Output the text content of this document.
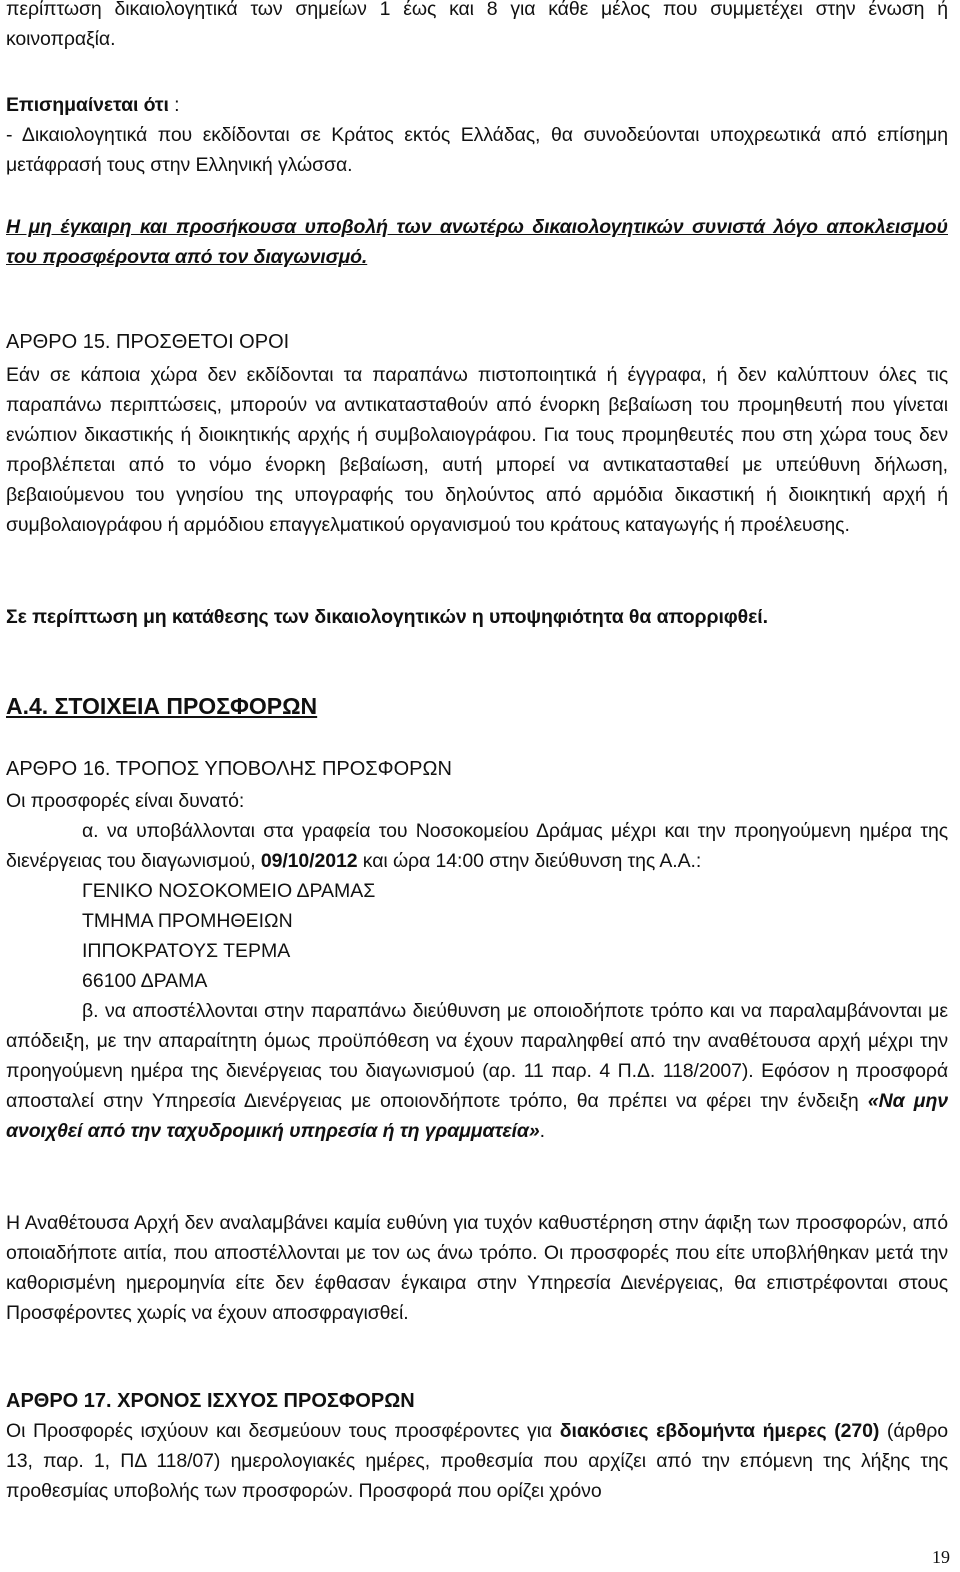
περίπτωση δικαιολογητικά των σημείων 1 έως και 8 για κάθε μέλος που συμμετέχει στην ένωση ή κοινοπραξία.

Επισημαίνεται ότι :
- Δικαιολογητικά που εκδίδονται σε Κράτος εκτός Ελλάδας, θα συνοδεύονται υποχρεωτικά από επίσημη μετάφρασή τους στην Ελληνική γλώσσα.

Η μη έγκαιρη και προσήκουσα υποβολή των ανωτέρω δικαιολογητικών συνιστά λόγο αποκλεισμού του προσφέροντα από τον διαγωνισμό.

ΑΡΘΡΟ 15. ΠΡΟΣΘΕΤΟΙ ΟΡΟΙ

Εάν σε κάποια χώρα δεν εκδίδονται τα παραπάνω πιστοποιητικά ή έγγραφα, ή δεν καλύπτουν όλες τις παραπάνω περιπτώσεις, μπορούν να αντικατασταθούν από ένορκη βεβαίωση του προμηθευτή που γίνεται ενώπιον δικαστικής ή διοικητικής αρχής ή συμβολαιογράφου. Για τους προμηθευτές που στη χώρα τους δεν προβλέπεται από το νόμο ένορκη βεβαίωση, αυτή μπορεί να αντικατασταθεί με υπεύθυνη δήλωση, βεβαιούμενου του γνησίου της υπογραφής του δηλούντος από αρμόδια δικαστική ή διοικητική αρχή ή συμβολαιογράφου ή αρμόδιου επαγγελματικού οργανισμού του κράτους καταγωγής ή προέλευσης.

Σε περίπτωση μη κατάθεσης των δικαιολογητικών η υποψηφιότητα θα απορριφθεί.

Α.4. ΣΤΟΙΧΕΙΑ ΠΡΟΣΦΟΡΩΝ

ΑΡΘΡΟ 16. ΤΡΟΠΟΣ ΥΠΟΒΟΛΗΣ ΠΡΟΣΦΟΡΩΝ

Οι προσφορές είναι δυνατό:

α. να υποβάλλονται στα γραφεία του Νοσοκομείου Δράμας μέχρι και την προηγούμενη ημέρα της διενέργειας του διαγωνισμού, 09/10/2012 και ώρα 14:00 στην διεύθυνση της Α.Α.:

ΓΕΝΙΚΟ ΝΟΣΟΚΟΜΕΙΟ ΔΡΑΜΑΣ

ΤΜΗΜΑ ΠΡΟΜΗΘΕΙΩΝ

ΙΠΠΟΚΡΑΤΟΥΣ ΤΕΡΜΑ

66100 ΔΡΑΜΑ

β. να αποστέλλονται στην παραπάνω διεύθυνση με οποιοδήποτε τρόπο και να παραλαμβάνονται με απόδειξη, με την απαραίτητη όμως προϋπόθεση να έχουν παραληφθεί από την αναθέτουσα αρχή μέχρι την προηγούμενη ημέρα της διενέργειας του διαγωνισμού (αρ. 11 παρ. 4 Π.Δ. 118/2007). Εφόσον η προσφορά αποσταλεί στην Υπηρεσία Διενέργειας με οποιονδήποτε τρόπο, θα πρέπει να φέρει την ένδειξη «Να μην ανοιχθεί από την ταχυδρομική υπηρεσία ή τη γραμματεία».

Η Αναθέτουσα Αρχή δεν αναλαμβάνει καμία ευθύνη για τυχόν καθυστέρηση στην άφιξη των προσφορών, από οποιαδήποτε αιτία, που αποστέλλονται με τον ως άνω τρόπο. Οι προσφορές που είτε υποβλήθηκαν μετά την καθορισμένη ημερομηνία είτε δεν έφθασαν έγκαιρα στην Υπηρεσία Διενέργειας, θα επιστρέφονται στους Προσφέροντες χωρίς να έχουν αποσφραγισθεί.

ΑΡΘΡΟ 17. ΧΡΟΝΟΣ ΙΣΧΥΟΣ ΠΡΟΣΦΟΡΩΝ

Οι Προσφορές ισχύουν και δεσμεύουν τους προσφέροντες για διακόσιες εβδομήντα ήμερες (270) (άρθρο 13, παρ. 1, ΠΔ 118/07) ημερολογιακές ημέρες, προθεσμία που αρχίζει από την επόμενη της λήξης της προθεσμίας υποβολής των προσφορών. Προσφορά που ορίζει χρόνο

19
